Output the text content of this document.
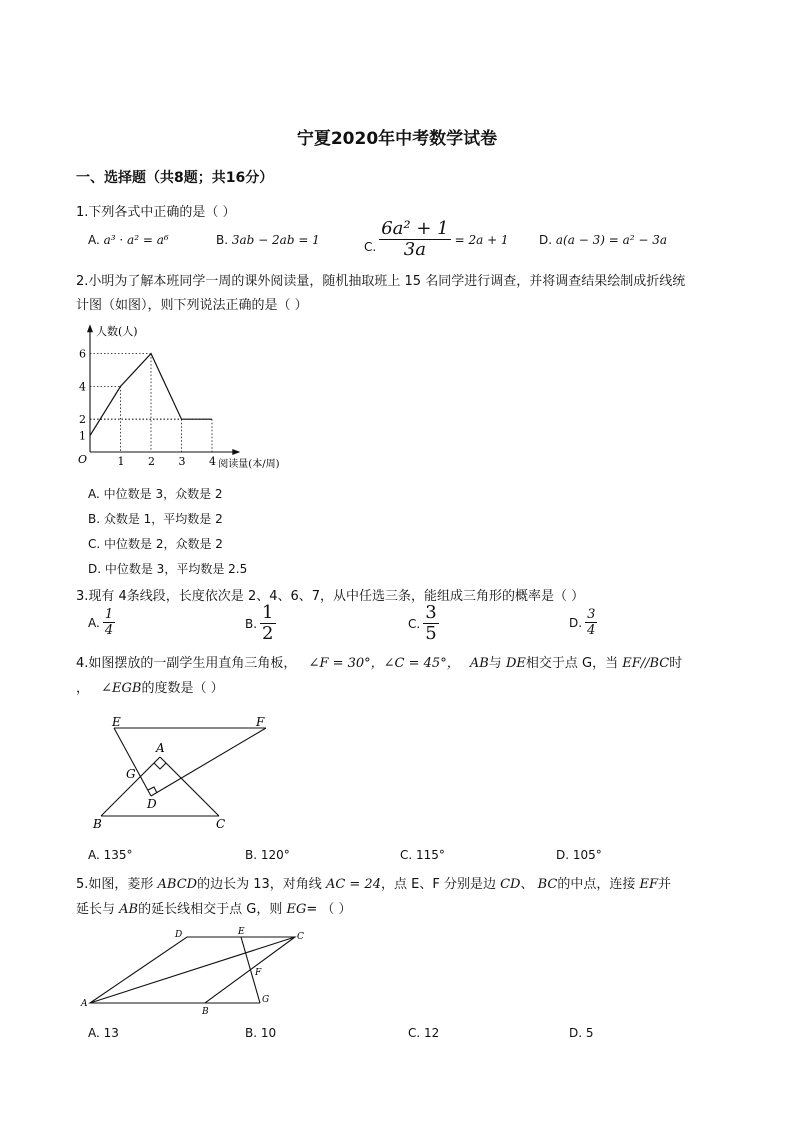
宁夏2020年中考数学试卷
一、选择题（共8题；共16分）
1.下列各式中正确的是（ ）
A. a³ · a² = a⁶	B. 3ab − 2ab = 1	C. $\frac{\text{6a² + 1}}{3a} = 2a + 1$	D. a(a − 3) = a² − 3a
2.小明为了解本班同学一周的课外阅读量，随机抽取班上 15 名同学进行调查，并将调查结果绘制成折线统
计图（如图），则下列说法正确的是（ ）
1 2 3 4
1
2
4
6
O
人数(人)
阅读量(本/周)
A. 中位数是 3，众数是 2
B. 众数是 1，平均数是 2
C. 中位数是 2，众数是 2
D. 中位数是 3，平均数是 2.5
3.现有 4条线段，长度依次是 2、4、6、7，从中任选三条，能组成三角形的概率是（ ）
A. $\frac{1}{4}$	B. $\frac{1}{2}$	C. $\frac{3}{5}$	D. $\frac{3}{4}$
4.如图摆放的一副学生用直角三角板， ∠F = 30°，∠C = 45°， AB与 DE相交于点 G，当 EF//BC时
， ∠EGB的度数是（ ）
E	F
A
G
D
B	C
A. 135°	B. 120°	C. 115°	D. 105°
5.如图，菱形 ABCD的边长为 13，对角线 AC = 24，点 E、F 分别是边 CD、 BC的中点，连接 EF并
延长与 AB的延长线相交于点 G，则 EG= （ ）
D	E	C
F
A
B
G
A. 13	B. 10	C. 12	D. 5
